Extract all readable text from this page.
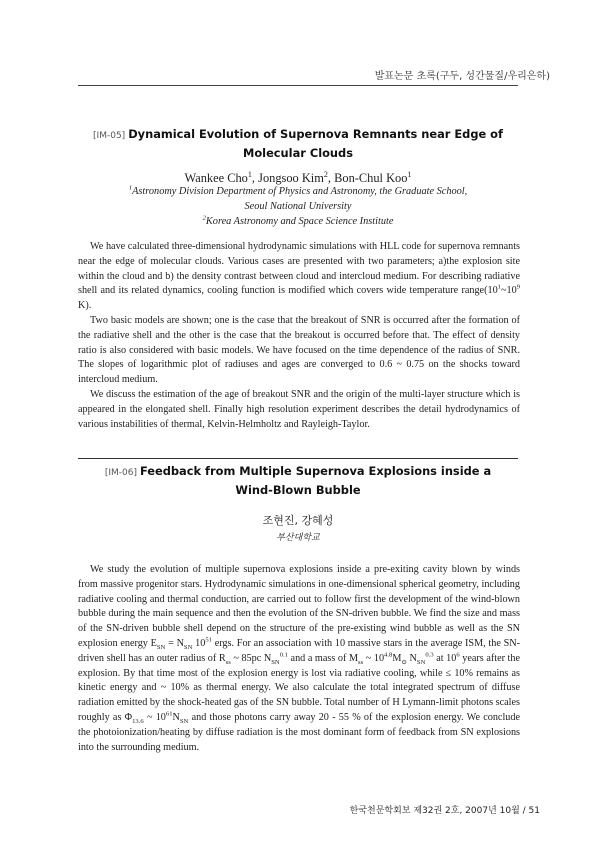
발표논문 초록(구두, 성간물질/우리은하)
[IM-05] Dynamical Evolution of Supernova Remnants near Edge of
Molecular Clouds
Wankee Cho$^1$, Jongsoo Kim$^2$, Bon-Chul Koo$^1$
$^1$Astronomy Division Department of Physics and Astronomy, the Graduate School,
Seoul National University
$^2$Korea Astronomy and Space Science Institute

We have calculated three-dimensional hydrodynamic simulations with HLL code for supernova remnants near the edge of molecular clouds. Various cases are presented with two parameters; a)the explosion site within the cloud and b) the density contrast between cloud and intercloud medium. For describing radiative shell and its related dynamics, cooling function is modified which covers wide temperature $range(10^1\sim 10^9$ K).

Two basic models are shown; one is the case that the breakout of SNR is occurred after the formation of the radiative shell and the other is the case that the breakout is occurred before that. The effect of density ratio is also considered with basic models. We have focused on the time dependence of the radius of SNR. The slopes of logarithmic plot of radiuses and ages are converged to 0.6 ~ 0.75 on the shocks toward intercloud medium.

We discuss the estimation of the age of breakout SNR and the origin of the multi-layer structure which is appeared in the elongated shell. Finally high resolution experiment describes the detail hydrodynamics of various instabilities of thermal, Kelvin-Helmholtz and Rayleigh-Taylor.

[IM-06] Feedback from Multiple Supernova Explosions inside a
Wind-Blown Bubble
조현진, 강혜성
부산대학교

We study the evolution of multiple supernova explosions inside a pre-exiting cavity blown by winds from massive progenitor stars. Hydrodynamic simulations in one-dimensional spherical geometry, including radiative cooling and thermal conduction, are carried out to follow first the development of the wind-blown bubble during the main sequence and then the evolution of the SN-driven bubble. We find the size and mass of the SN-driven bubble shell depend on the structure of the pre-existing wind bubble as well as the SN explosion energy $E_{SN} = N_{SN}$ $10^{51}$ ergs. For an association with 10 massive stars in the average ISM, the SN-driven shell has an outer radius of $R_{ss}$ ~ 85pc $N_{SN}^{0.1}$ and a mass of $M_{ss}$ ~ $10^{4.8}M_⊙$ $N_{SN}^{0.3}$ at $10^6$ years after the explosion. By that time most of the explosion energy is lost via radiative cooling, while ≤ 10% remains as kinetic energy and ~ 10% as thermal energy. We also calculate the total integrated spectrum of diffuse radiation emitted by the shock-heated gas of the SN bubble. Total number of H Lymann-limit photons scales roughly as $\Phi_{13.6}$ ~ $10^{61}N_{SN}$ and those photons carry away 20 - 55 % of the explosion energy. We conclude the photoionization/heating by diffuse radiation is the most dominant form of feedback from SN explosions into the surrounding medium.

한국천문학회보 제32권 2호, 2007년 10월 / 51
